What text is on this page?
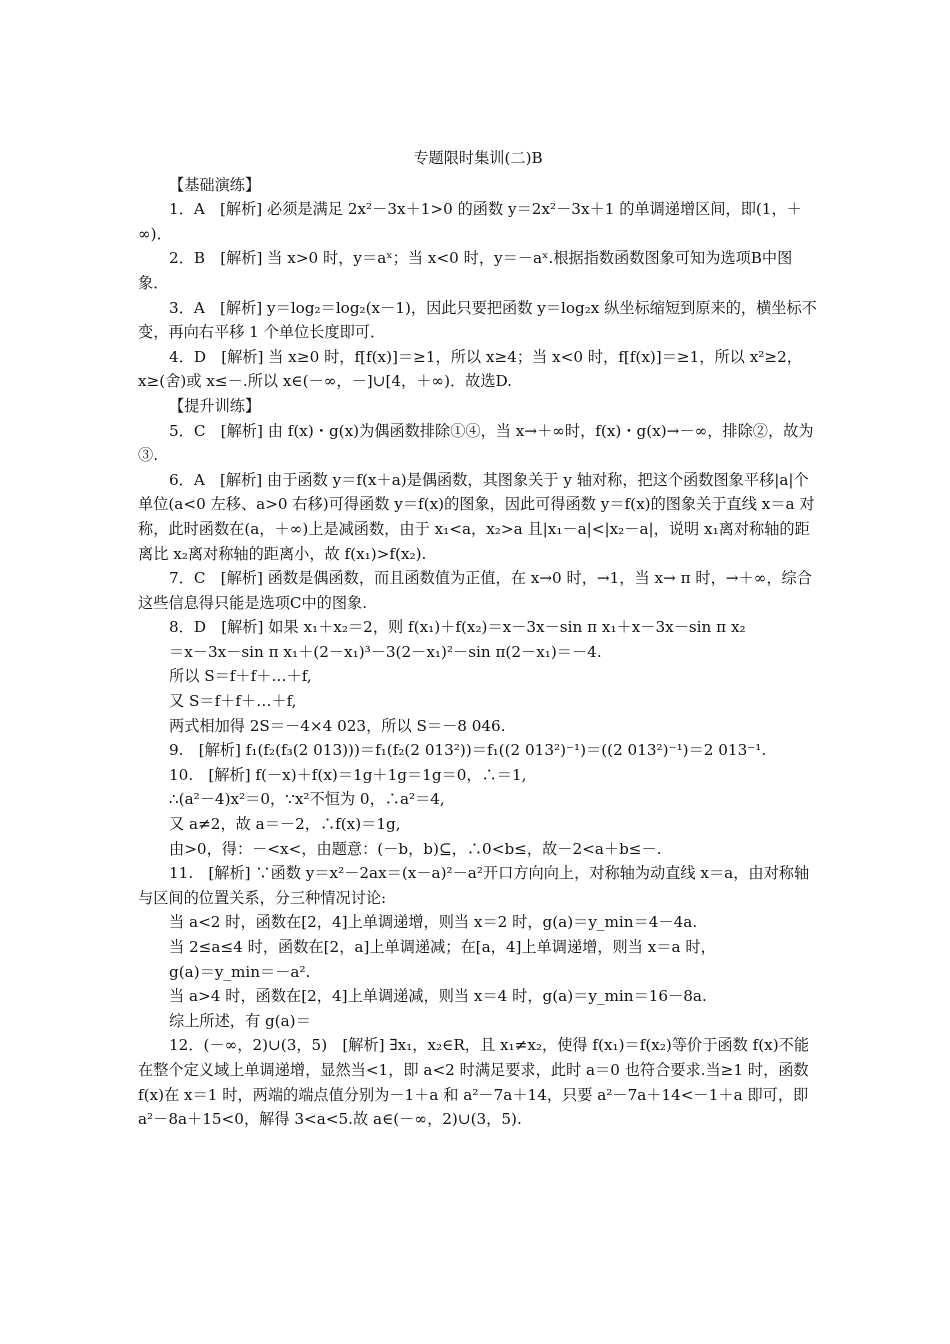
专题限时集训(二)B

【基础演练】

1．A　[解析] 必须是满足 2x²－3x＋1>0 的函数 y＝2x²－3x＋1 的单调递增区间，即(1，＋∞)．

2．B　[解析] 当 x>0 时，y＝aˣ；当 x<0 时，y＝－aˣ.根据指数函数图象可知为选项B中图象．

3．A　[解析] y＝log₂＝log₂(x－1)，因此只要把函数 y＝log₂x 纵坐标缩短到原来的，横坐标不变，再向右平移 1 个单位长度即可．

4．D　[解析] 当 x≥0 时，f[f(x)]＝≥1，所以 x≥4；当 x<0 时，f[f(x)]＝≥1，所以 x²≥2，x≥(舍)或 x≤－.所以 x∈(－∞，－]∪[4，＋∞)．故选D.

【提升训练】

5．C　[解析] 由 f(x)・g(x)为偶函数排除①④，当 x→＋∞时，f(x)・g(x)→－∞，排除②，故为③.

6．A　[解析] 由于函数 y＝f(x＋a)是偶函数，其图象关于 y 轴对称，把这个函数图象平移|a|个单位(a<0 左移、a>0 右移)可得函数 y＝f(x)的图象，因此可得函数 y＝f(x)的图象关于直线 x＝a 对称，此时函数在(a，＋∞)上是减函数，由于 x₁<a，x₂>a 且|x₁－a|<|x₂－a|，说明 x₁离对称轴的距离比 x₂离对称轴的距离小，故 f(x₁)>f(x₂).

7．C　[解析] 函数是偶函数，而且函数值为正值，在 x→0 时，→1，当 x→ π 时，→＋∞，综合这些信息得只能是选项C中的图象.

8．D　[解析] 如果 x₁＋x₂＝2，则 f(x₁)＋f(x₂)＝x－3x－sin π x₁＋x－3x－sin π x₂

＝x－3x－sin π x₁＋(2－x₁)³－3(2－x₁)²－sin π(2－x₁)＝－4.

所以 S＝f＋f＋…＋f,

又 S＝f＋f＋…＋f,

两式相加得 2S＝－4×4 023，所以 S＝－8 046.

9.　[解析] f₁(f₂(f₃(2 013)))＝f₁(f₂(2 013²))＝f₁((2 013²)⁻¹)＝((2 013²)⁻¹)＝2 013⁻¹.

10.　[解析] f(－x)＋f(x)＝1g＋1g＝1g＝0，∴＝1,

∴(a²－4)x²＝0，∵x²不恒为 0，∴a²＝4,

又 a≠2，故 a＝－2，∴f(x)＝1g,

由>0，得：－<x<，由题意：(－b，b)⊆，∴0<b≤，故－2<a＋b≤－.

11.　[解析] ∵函数 y＝x²－2ax＝(x－a)²－a²开口方向向上，对称轴为动直线 x＝a，由对称轴与区间的位置关系，分三种情况讨论:

当 a<2 时，函数在[2，4]上单调递增，则当 x＝2 时，g(a)＝y_min＝4－4a.

当 2≤a≤4 时，函数在[2，a]上单调递减；在[a，4]上单调递增，则当 x＝a 时，

g(a)＝y_min＝－a².

当 a>4 时，函数在[2，4]上单调递减，则当 x＝4 时，g(a)＝y_min＝16－8a.

综上所述，有 g(a)＝

12．(－∞，2)∪(3，5)　[解析] ∃x₁，x₂∈R，且 x₁≠x₂，使得 f(x₁)＝f(x₂)等价于函数 f(x)不能在整个定义域上单调递增，显然当<1，即 a<2 时满足要求，此时 a＝0 也符合要求.当≥1 时，函数 f(x)在 x＝1 时，两端的端点值分别为－1＋a 和 a²－7a＋14，只要 a²－7a＋14<－1＋a 即可，即 a²－8a＋15<0，解得 3<a<5.故 a∈(－∞，2)∪(3，5).
